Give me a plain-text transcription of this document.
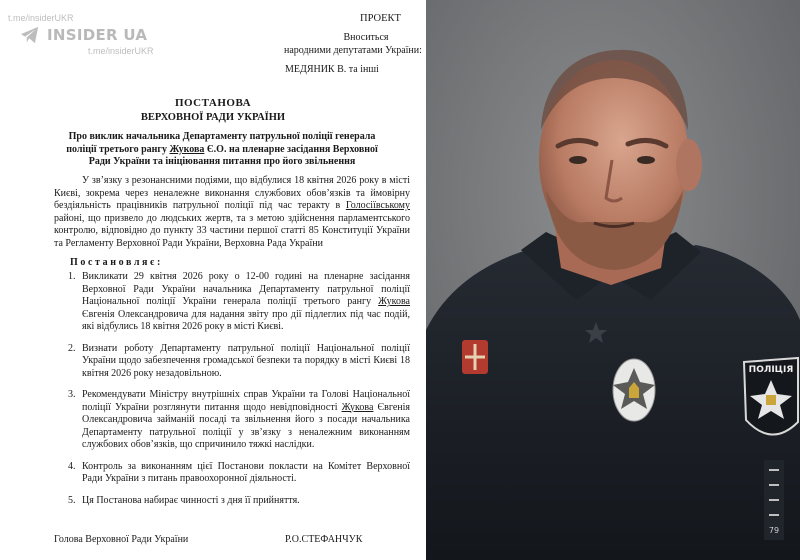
t.me/insiderUKR
INSIDER UA
t.me/insiderUKR
ПРОЕКТ
Вноситься
народними депутатами України:
МЕДЯНИК В. та інші
ПОСТАНОВА
ВЕРХОВНОЇ РАДИ УКРАЇНИ
Про виклик начальника Департаменту патрульної поліції генерала поліції третього рангу Жукова Є.О. на пленарне засідання Верховної Ради України та ініціювання питання про його звільнення
У зв’язку з резонансними подіями, що відбулися 18 квітня 2026 року в місті Києві, зокрема через неналежне виконання службових обов’язків та ймовірну бездіяльність працівників патрульної поліції під час теракту в Голосіївському районі, що призвело до людських жертв, та з метою здійснення парламентського контролю, відповідно до пункту 33 частини першої статті 85 Конституції України та Регламенту Верховної Ради України, Верховна Рада України
Постановляє:
1. Викликати 29 квітня 2026 року о 12-00 годині на пленарне засідання Верховної Ради України начальника Департаменту патрульної поліції Національної поліції України генерала поліції третього рангу Жукова Євгенія Олександровича для надання звіту про дії підлеглих під час подій, які відбулись 18 квітня 2026 року в місті Києві.
2. Визнати роботу Департаменту патрульної поліції Національної поліції України щодо забезпечення громадської безпеки та порядку в місті Києві 18 квітня 2026 року незадовільною.
3. Рекомендувати Міністру внутрішніх справ України та Голові Національної поліції України розглянути питання щодо невідповідності Жукова Євгенія Олександровича займаній посаді та звільнення його з посади начальника Департаменту патрульної поліції у зв’язку з неналежним виконанням службових обов’язків, що спричинило тяжкі наслідки.
4. Контроль за виконанням цієї Постанови покласти на Комітет Верховної Ради України з питань правоохоронної діяльності.
5. Ця Постанова набирає чинності з дня її прийняття.
Голова Верховної Ради України	Р.О.СТЕФАНЧУК
ПОЛІЦІЯ
79
